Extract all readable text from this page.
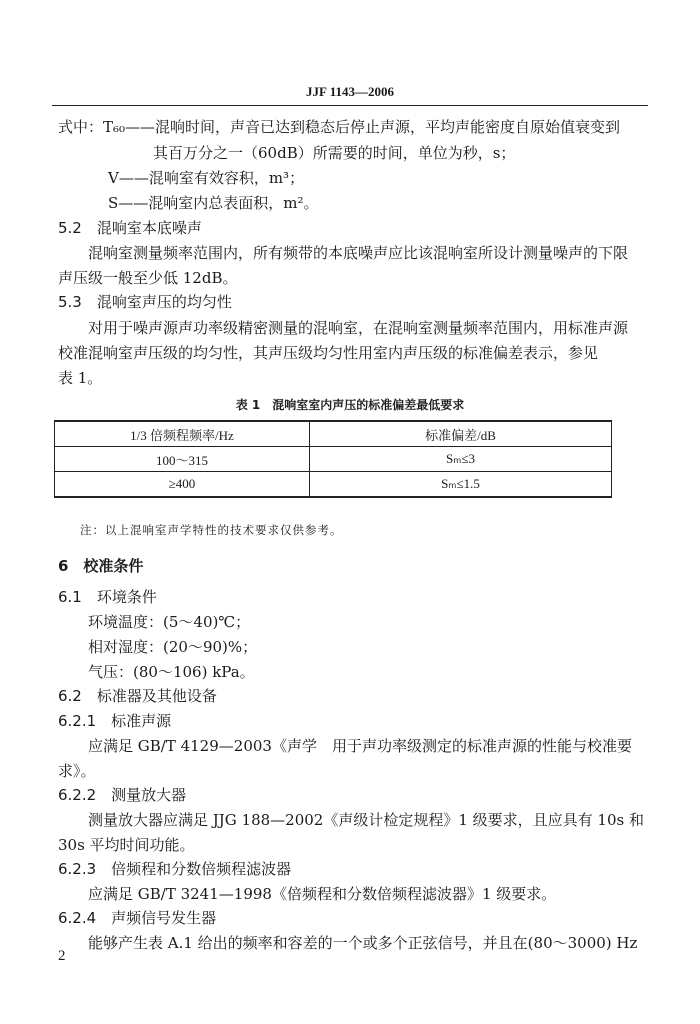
JJF 1143—2006
式中：T₆₀——混响时间，声音已达到稳态后停止声源，平均声能密度自原始值衰变到
其百万分之一（60dB）所需要的时间，单位为秒，s；
V——混响室有效容积，m³；
S——混响室内总表面积，m²。
5.2　混响室本底噪声
混响室测量频率范围内，所有频带的本底噪声应比该混响室所设计测量噪声的下限
声压级一般至少低 12dB。
5.3　混响室声压的均匀性
对用于噪声源声功率级精密测量的混响室，在混响室测量频率范围内，用标准声源
校准混响室声压级的均匀性，其声压级均匀性用室内声压级的标准偏差表示，参见
表 1。
表 1　混响室室内声压的标准偏差最低要求
1/3 倍频程频率/Hz	标准偏差/dB
100～315	Sₘ≤3
≥400	Sₘ≤1.5
注：以上混响室声学特性的技术要求仅供参考。
6　校准条件
6.1　环境条件
环境温度：(5～40)℃；
相对湿度：(20～90)%；
气压：(80～106) kPa。
6.2　标准器及其他设备
6.2.1　标准声源
应满足 GB/T 4129—2003《声学　用于声功率级测定的标准声源的性能与校准要
求》。
6.2.2　测量放大器
测量放大器应满足 JJG 188—2002《声级计检定规程》1 级要求，且应具有 10s 和
30s 平均时间功能。
6.2.3　倍频程和分数倍频程滤波器
应满足 GB/T 3241—1998《倍频程和分数倍频程滤波器》1 级要求。
6.2.4　声频信号发生器
能够产生表 A.1 给出的频率和容差的一个或多个正弦信号，并且在(80～3000) Hz
2
